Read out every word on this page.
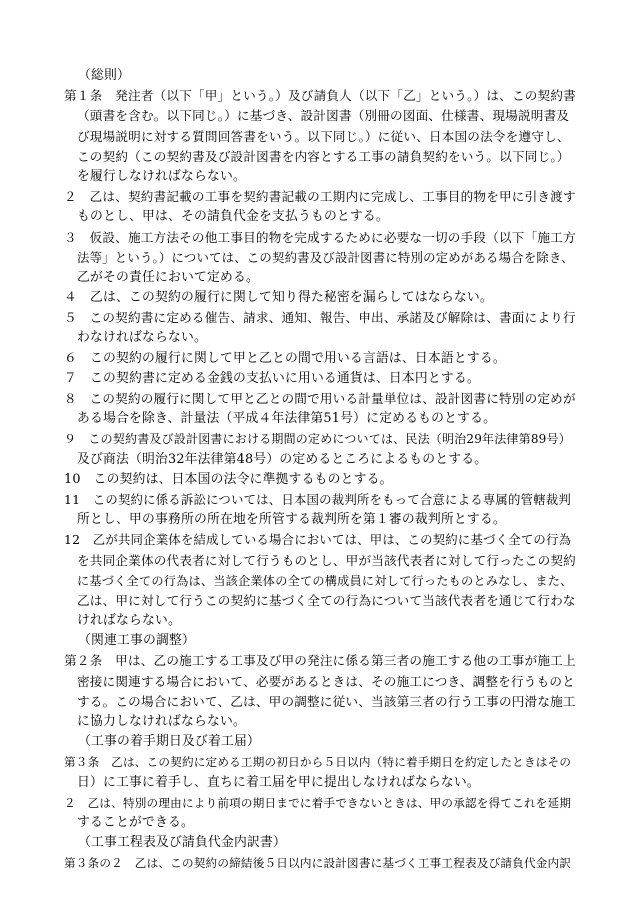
（総則）
第１条　発注者（以下「甲」という。）及び請負人（以下「乙」という。）は、この契約書
（頭書を含む。以下同じ。）に基づき、設計図書（別冊の図面、仕様書、現場説明書及
び現場説明に対する質問回答書をいう。以下同じ。）に従い、日本国の法令を遵守し、
この契約（この契約書及び設計図書を内容とする工事の請負契約をいう。以下同じ。）
を履行しなければならない。
２　乙は、契約書記載の工事を契約書記載の工期内に完成し、工事目的物を甲に引き渡す
ものとし、甲は、その請負代金を支払うものとする。
３　仮設、施工方法その他工事目的物を完成するために必要な一切の手段（以下「施工方
法等」という。）については、この契約書及び設計図書に特別の定めがある場合を除き、
乙がその責任において定める。
４　乙は、この契約の履行に関して知り得た秘密を漏らしてはならない。
５　この契約書に定める催告、請求、通知、報告、申出、承諾及び解除は、書面により行
わなければならない。
６　この契約の履行に関して甲と乙との間で用いる言語は、日本語とする。
７　この契約書に定める金銭の支払いに用いる通貨は、日本円とする。
８　この契約の履行に関して甲と乙との間で用いる計量単位は、設計図書に特別の定めが
ある場合を除き、計量法（平成４年法律第51号）に定めるものとする。
９　この契約書及び設計図書における期間の定めについては、民法（明治29年法律第89号）
及び商法（明治32年法律第48号）の定めるところによるものとする。
10　この契約は、日本国の法令に準拠するものとする。
11　この契約に係る訴訟については、日本国の裁判所をもって合意による専属的管轄裁判
所とし、甲の事務所の所在地を所管する裁判所を第１審の裁判所とする。
12　乙が共同企業体を結成している場合においては、甲は、この契約に基づく全ての行為
を共同企業体の代表者に対して行うものとし、甲が当該代表者に対して行ったこの契約
に基づく全ての行為は、当該企業体の全ての構成員に対して行ったものとみなし、また、
乙は、甲に対して行うこの契約に基づく全ての行為について当該代表者を通じて行わな
ければならない。
（関連工事の調整）
第２条　甲は、乙の施工する工事及び甲の発注に係る第三者の施工する他の工事が施工上
密接に関連する場合において、必要があるときは、その施工につき、調整を行うものと
する。この場合において、乙は、甲の調整に従い、当該第三者の行う工事の円滑な施工
に協力しなければならない。
（工事の着手期日及び着工届）
第３条　乙は、この契約に定める工期の初日から５日以内（特に着手期日を約定したときはその
日）に工事に着手し、直ちに着工届を甲に提出しなければならない。
２　乙は、特別の理由により前項の期日までに着手できないときは、甲の承認を得てこれを延期
することができる。
（工事工程表及び請負代金内訳書）
第３条の２　乙は、この契約の締結後５日以内に設計図書に基づく工事工程表及び請負代金内訳
